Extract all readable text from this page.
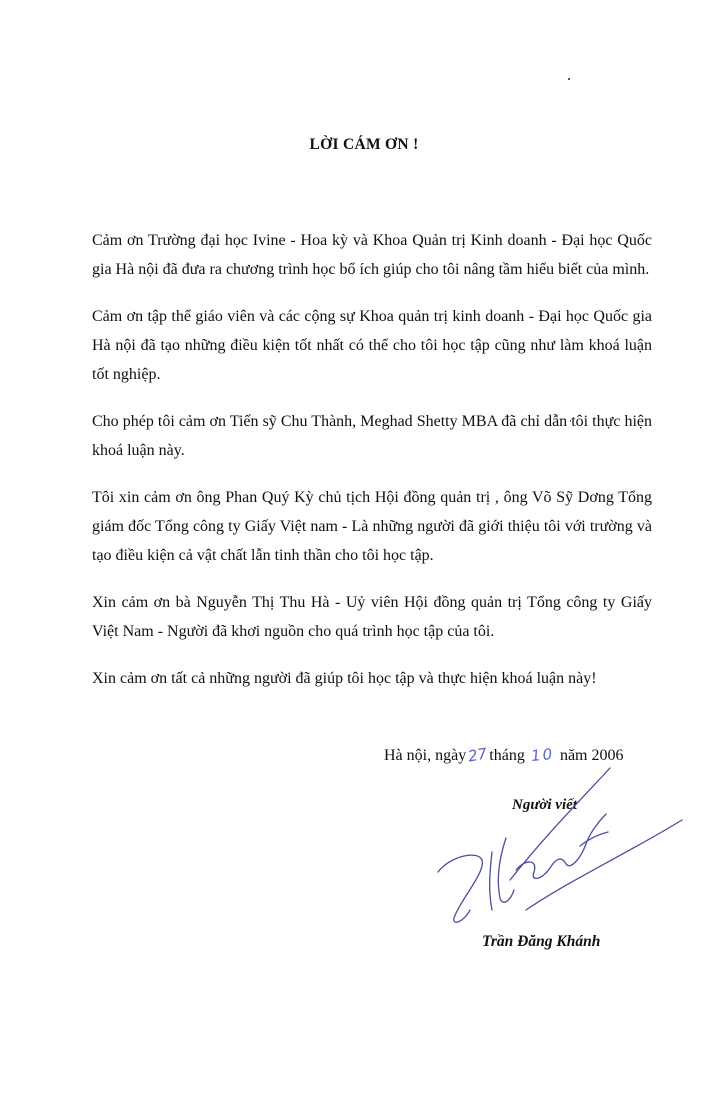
LỜI CÁM ƠN !

Cảm ơn Trường đại học Ivine - Hoa kỳ và Khoa Quản trị Kinh doanh - Đại học Quốc gia Hà nội đã đưa ra chương trình học bổ ích giúp cho tôi nâng tầm hiểu biết của mình.

Cảm ơn tập thể giáo viên và các cộng sự Khoa quản trị kinh doanh - Đại học Quốc gia Hà nội đã tạo những điều kiện tốt nhất có thể cho tôi học tập cũng như làm khoá luận tốt nghiệp.

Cho phép tôi cảm ơn Tiến sỹ Chu Thành, Meghad Shetty MBA đã chỉ dẫn tôi thực hiện khoá luận này.

Tôi xin cảm ơn ông Phan Quý Kỳ chủ tịch Hội đồng quản trị , ông Võ Sỹ Dơng Tổng giám đốc Tổng công ty Giấy Việt nam - Là những người đã giới thiệu tôi với trường và tạo điều kiện cả vật chất lẫn tinh thần cho tôi học tập.

Xin cảm ơn bà Nguyễn Thị Thu Hà - Uỷ viên Hội đồng quản trị Tổng công ty Giấy Việt Nam - Người đã khơi nguồn cho quá trình học tập của tôi.

Xin cảm ơn tất cả những người đã giúp tôi học tập và thực hiện khoá luận này!

Hà nội, ngày27tháng 10 năm 2006
Người viết
Trần Đăng Khánh
